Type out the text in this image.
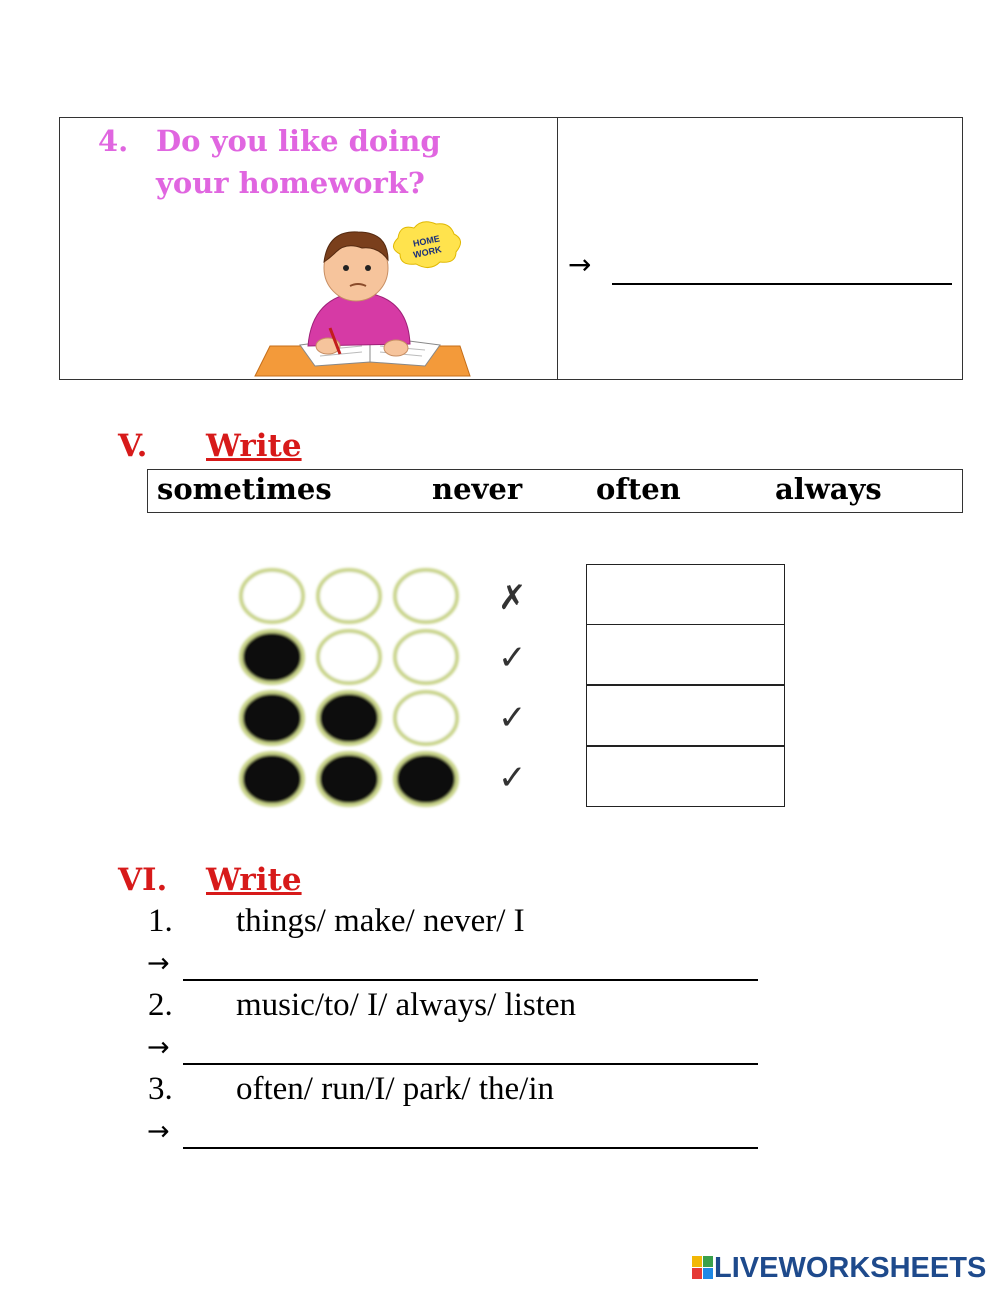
4. Do you like doing
your homework?
HOME
WORK	→
V. Write
sometimes	never	often	always
✗
✓
✓
✓
VI. Write
1. things/ make/ never/ I
→
2. music/to/ I/ always/ listen
→
3. often/ run/I/ park/ the/in
→
LIVEWORKSHEETS
